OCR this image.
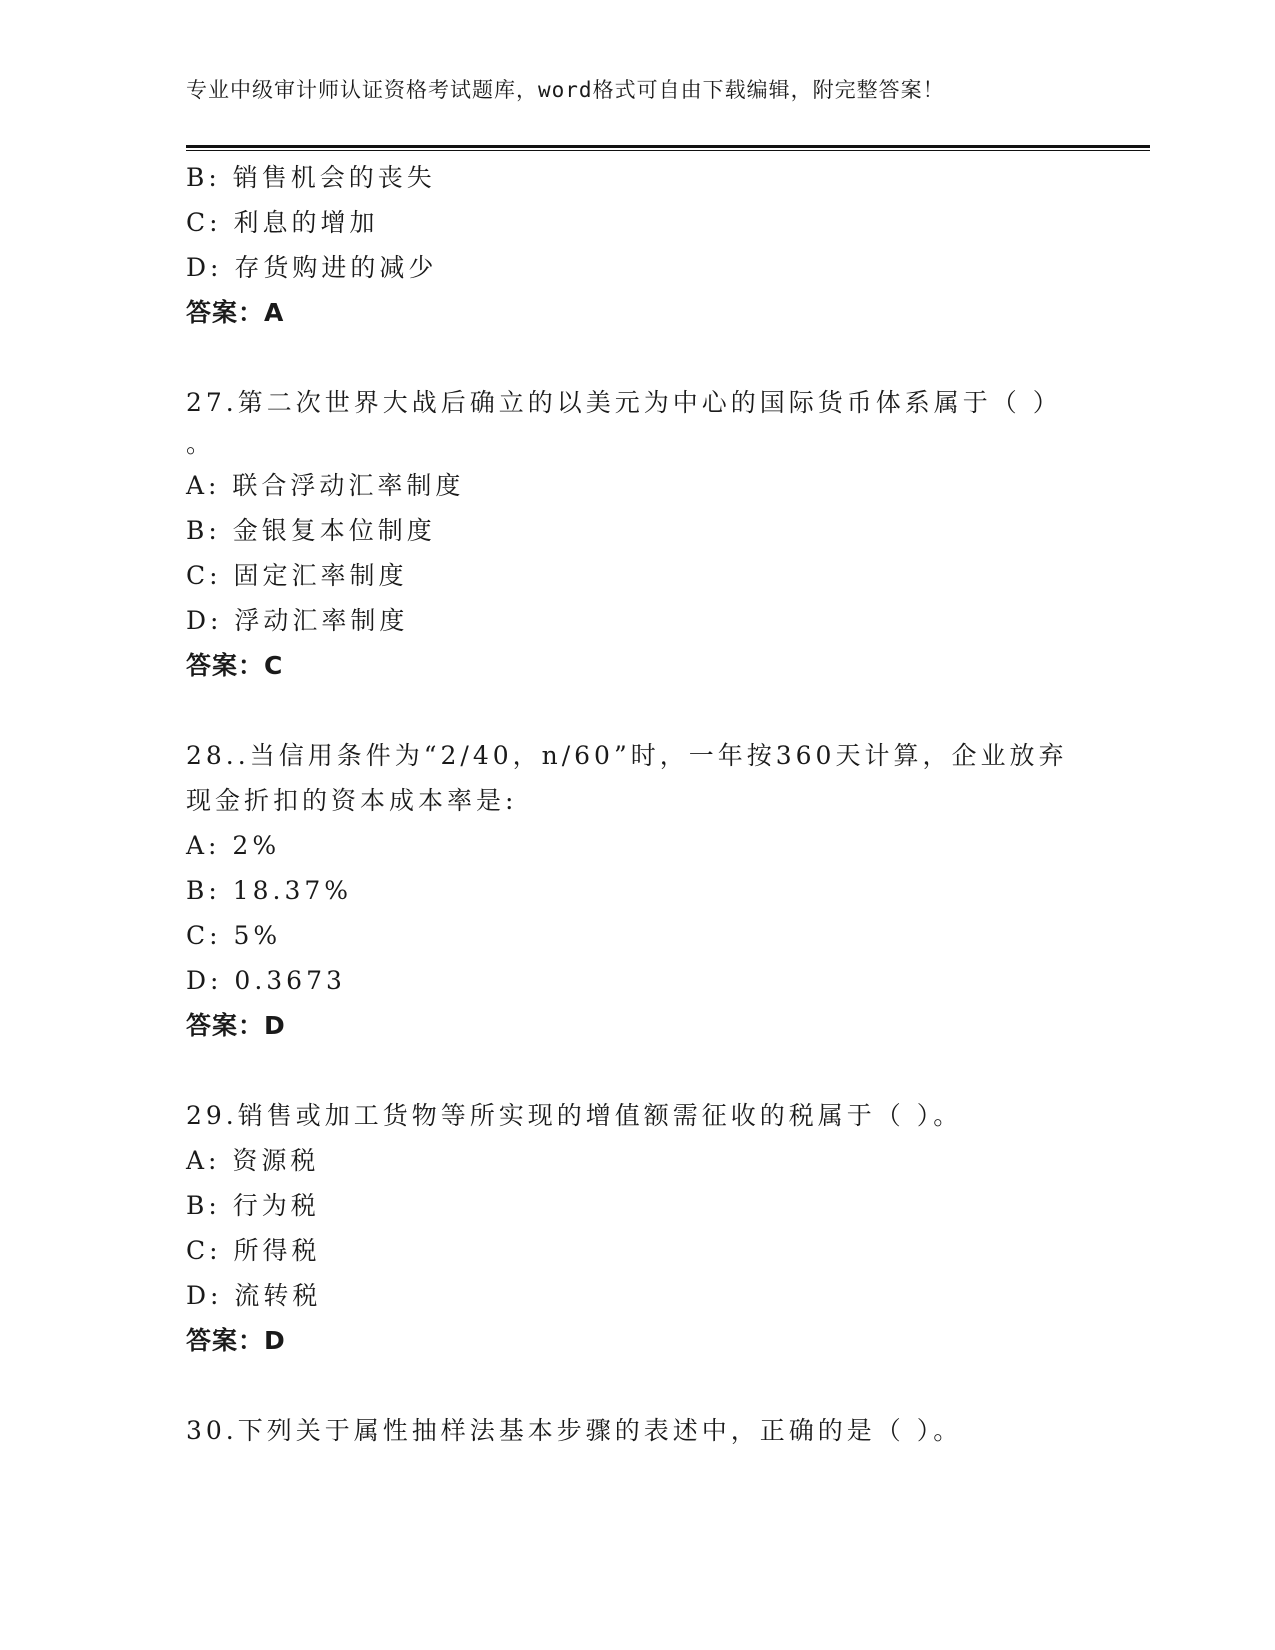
专业中级审计师认证资格考试题库，word格式可自由下载编辑，附完整答案！
B: 销售机会的丧失
C: 利息的增加
D: 存货购进的减少
答案：A
27.第二次世界大战后确立的以美元为中心的国际货币体系属于（ ）
。
A: 联合浮动汇率制度
B: 金银复本位制度
C: 固定汇率制度
D: 浮动汇率制度
答案：C
28..当信用条件为“2/40，n/60”时，一年按360天计算，企业放弃
现金折扣的资本成本率是:
A: 2%
B: 18.37%
C: 5%
D: 0.3673
答案：D
29.销售或加工货物等所实现的增值额需征收的税属于（ ）。
A: 资源税
B: 行为税
C: 所得税
D: 流转税
答案：D
30.下列关于属性抽样法基本步骤的表述中，正确的是（ ）。
